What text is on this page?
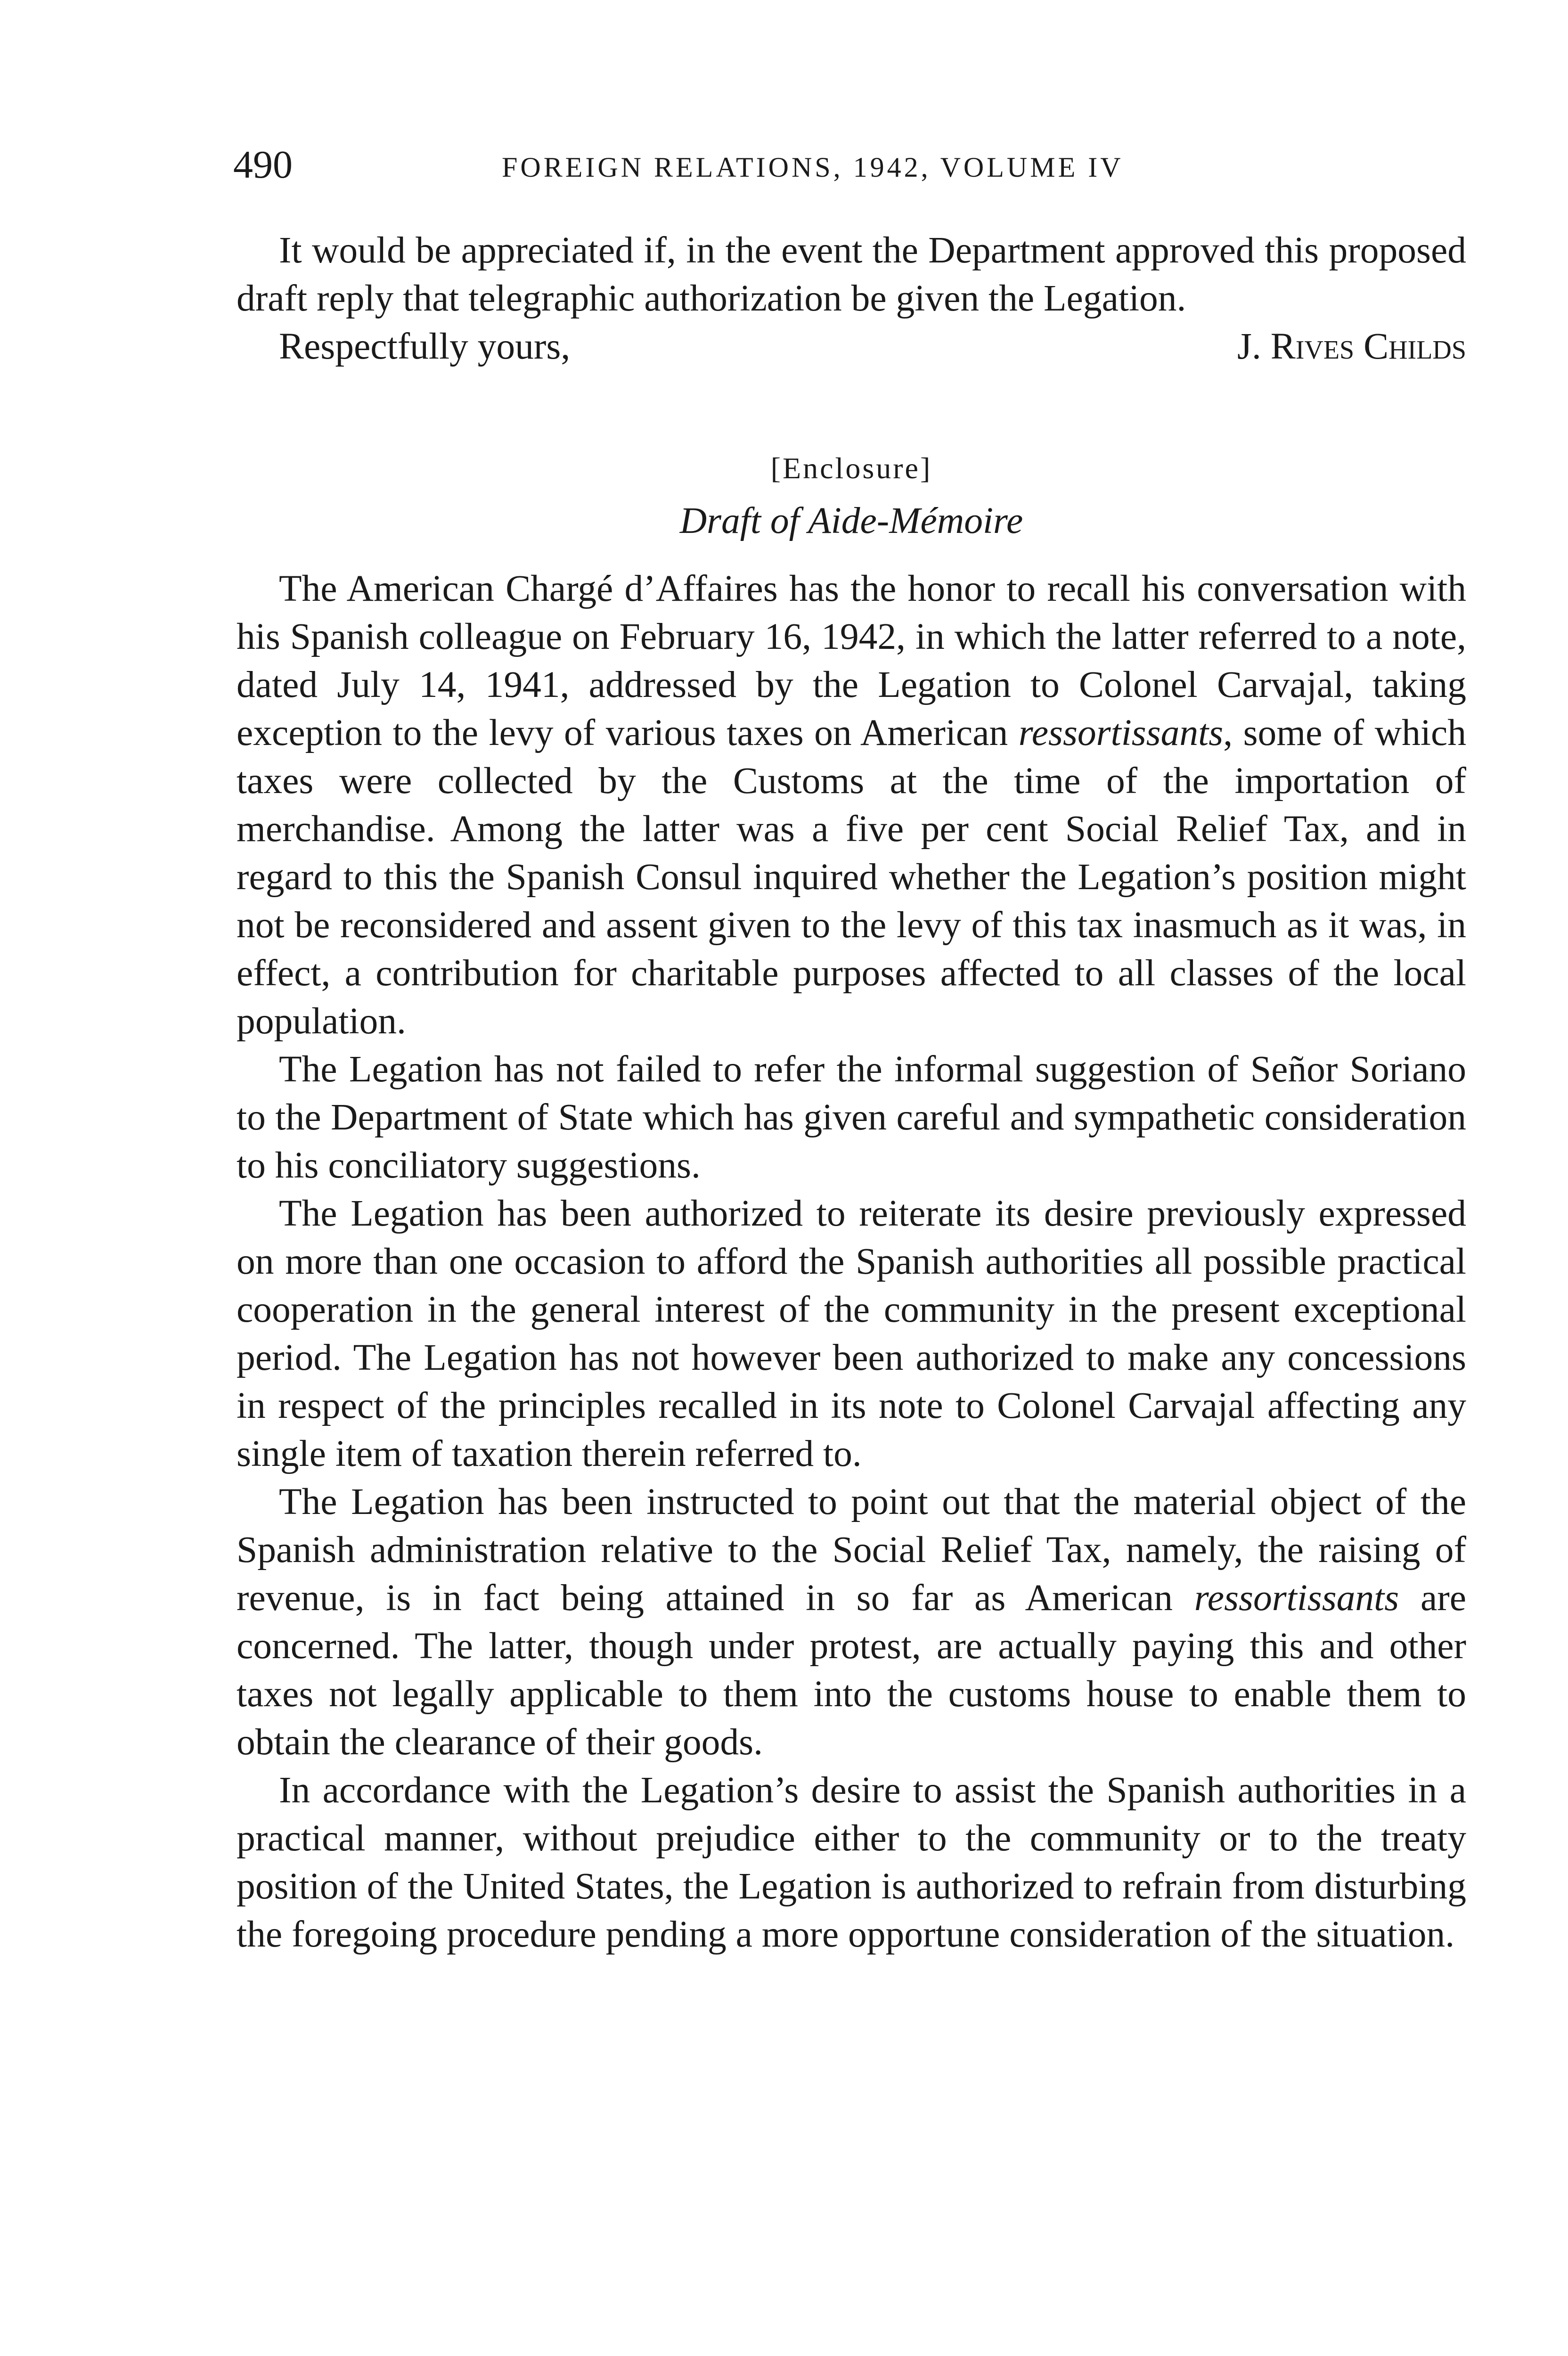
490	FOREIGN RELATIONS, 1942, VOLUME IV

It would be appreciated if, in the event the Department approved this proposed draft reply that telegraphic authorization be given the Legation.

Respectfully yours,	J. Rives Childs
[Enclosure]
Draft of Aide-Mémoire

The American Chargé d’Affaires has the honor to recall his conversation with his Spanish colleague on February 16, 1942, in which the latter referred to a note, dated July 14, 1941, addressed by the Legation to Colonel Carvajal, taking exception to the levy of various taxes on American ressortissants, some of which taxes were collected by the Customs at the time of the importation of merchandise. Among the latter was a five per cent Social Relief Tax, and in regard to this the Spanish Consul inquired whether the Legation’s position might not be reconsidered and assent given to the levy of this tax inasmuch as it was, in effect, a contribution for charitable purposes affected to all classes of the local population.

The Legation has not failed to refer the informal suggestion of Señor Soriano to the Department of State which has given careful and sympathetic consideration to his conciliatory suggestions.

The Legation has been authorized to reiterate its desire previously expressed on more than one occasion to afford the Spanish authorities all possible practical cooperation in the general interest of the community in the present exceptional period. The Legation has not however been authorized to make any concessions in respect of the principles recalled in its note to Colonel Carvajal affecting any single item of taxation therein referred to.

The Legation has been instructed to point out that the material object of the Spanish administration relative to the Social Relief Tax, namely, the raising of revenue, is in fact being attained in so far as American ressortissants are concerned. The latter, though under protest, are actually paying this and other taxes not legally applicable to them into the customs house to enable them to obtain the clearance of their goods.

In accordance with the Legation’s desire to assist the Spanish authorities in a practical manner, without prejudice either to the community or to the treaty position of the United States, the Legation is authorized to refrain from disturbing the foregoing procedure pending a more opportune consideration of the situation.
